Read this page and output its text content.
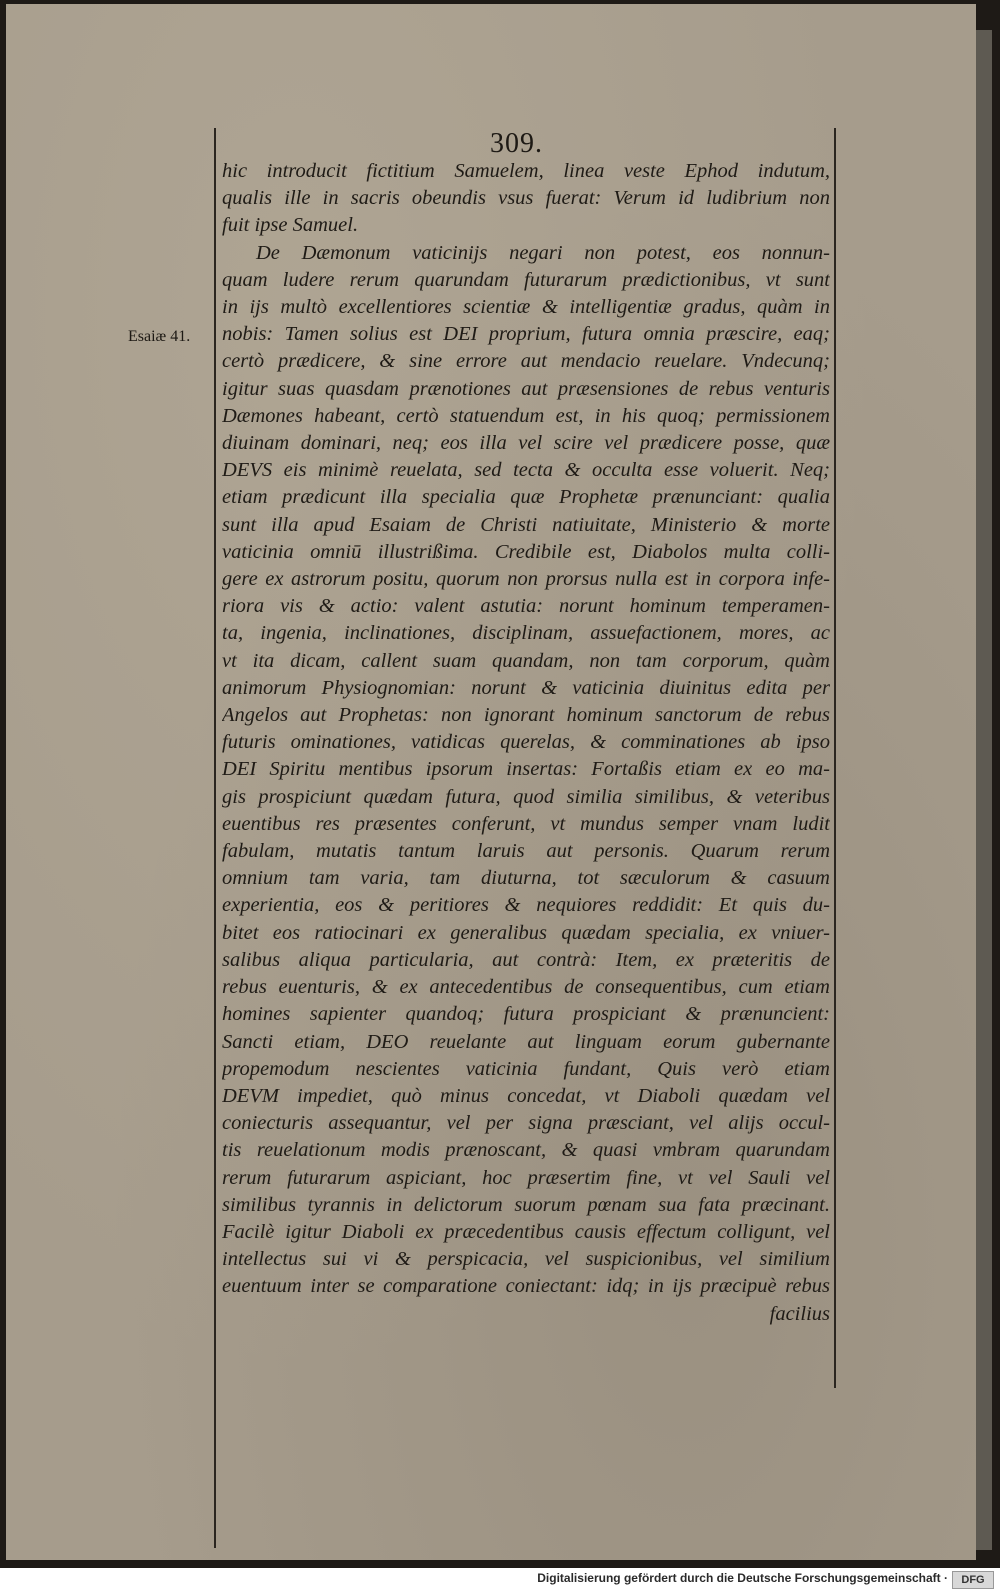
309.
Esaiæ 41.
hic introducit fictitium Samuelem, linea veste Ephod indutum,
qualis ille in sacris obeundis vsus fuerat: Verum id ludibrium non
fuit ipse Samuel.
De Dæmonum vaticinijs negari non potest, eos nonnun-
quam ludere rerum quarundam futurarum prædictionibus, vt sunt
in ijs multò excellentiores scientiæ & intelligentiæ gradus, quàm in
nobis: Tamen solius est DEI proprium, futura omnia præscire, eaq;
certò prædicere, & sine errore aut mendacio reuelare. Vndecunq;
igitur suas quasdam prænotiones aut præsensiones de rebus venturis
Dæmones habeant, certò statuendum est, in his quoq; permissionem
diuinam dominari, neq; eos illa vel scire vel prædicere posse, quæ
DEVS eis minimè reuelata, sed tecta & occulta esse voluerit. Neq;
etiam prædicunt illa specialia quæ Prophetæ prænunciant: qualia
sunt illa apud Esaiam de Christi natiuitate, Ministerio & morte
vaticinia omniū illustrißima. Credibile est, Diabolos multa colli-
gere ex astrorum positu, quorum non prorsus nulla est in corpora infe-
riora vis & actio: valent astutia: norunt hominum temperamen-
ta, ingenia, inclinationes, disciplinam, assuefactionem, mores, ac
vt ita dicam, callent suam quandam, non tam corporum, quàm
animorum Physiognomian: norunt & vaticinia diuinitus edita per
Angelos aut Prophetas: non ignorant hominum sanctorum de rebus
futuris ominationes, vatidicas querelas, & comminationes ab ipso
DEI Spiritu mentibus ipsorum insertas: Fortaßis etiam ex eo ma-
gis prospiciunt quædam futura, quod similia similibus, & veteribus
euentibus res præsentes conferunt, vt mundus semper vnam ludit
fabulam, mutatis tantum laruis aut personis. Quarum rerum
omnium tam varia, tam diuturna, tot sæculorum & casuum
experientia, eos & peritiores & nequiores reddidit: Et quis du-
bitet eos ratiocinari ex generalibus quædam specialia, ex vniuer-
salibus aliqua particularia, aut contrà: Item, ex præteritis de
rebus euenturis, & ex antecedentibus de consequentibus, cum etiam
homines sapienter quandoq; futura prospiciant & prænuncient:
Sancti etiam, DEO reuelante aut linguam eorum gubernante
propemodum nescientes vaticinia fundant, Quis verò etiam
DEVM impediet, quò minus concedat, vt Diaboli quædam vel
coniecturis assequantur, vel per signa præsciant, vel alijs occul-
tis reuelationum modis prænoscant, & quasi vmbram quarundam
rerum futurarum aspiciant, hoc præsertim fine, vt vel Sauli vel
similibus tyrannis in delictorum suorum pœnam sua fata præcinant.
Facilè igitur Diaboli ex præcedentibus causis effectum colligunt, vel
intellectus sui vi & perspicacia, vel suspicionibus, vel similium
euentuum inter se comparatione coniectant: idq; in ijs præcipuè rebus
facilius
Digitalisierung gefördert durch die Deutsche Forschungsgemeinschaft ·	DFG
